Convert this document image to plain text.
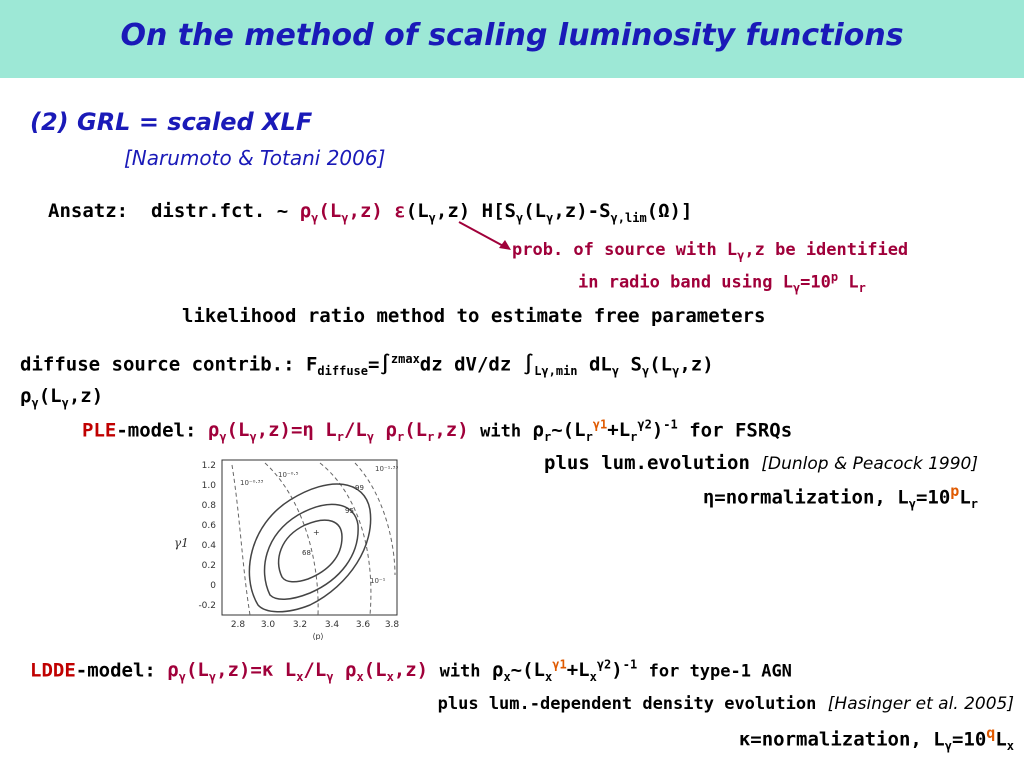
On the method of scaling luminosity functions
(2) GRL = scaled XLF
[Narumoto & Totani 2006]
Ansatz: distr.fct. ~ $\rho_\gamma(L_\gamma,z)$ $\varepsilon(L_\gamma,z)$ $H[S_\gamma(L_\gamma,z)-S_{\gamma,lim}(\Omega)]$
prob. of source with $L_\gamma,z$ be identified
in radio band using $L_\gamma=10^p$ $L_r$
likelihood ratio method to estimate free parameters
diffuse source contrib.: $F_{diffuse}=\int^{zmax}dz$ dV/dz $\int_{L\gamma,min}$ $dL_\gamma$ $S_\gamma(L_\gamma,z)$
$\rho_\gamma(L_\gamma,z)$
PLE-model: $\rho_\gamma(L_\gamma,z)=\eta$ $L_r/L_\gamma$ $\rho_r(L_r,z)$ with $\rho_r\sim(L_r^{\gamma 1}+L_r^{\gamma 2})^{-1}$ for FSRQs
plus lum.evolution [Dunlop & Peacock 1990]
η=normalization, $L_\gamma=10^pL_r$
γ1
1.2
1.0
0.8
0.6
0.4
0.2
0
-0.2
2.8 3.0 3.2 3.4 3.6 3.8
⟨p⟩
10⁻⁰·³³
10⁻⁰·⁵
10⁻¹
10⁻¹·³³
+
99
95
68
LDDE-model: $\rho_\gamma(L_\gamma,z)=\kappa$ $L_x/L_\gamma$ $\rho_x(L_x,z)$ with $\rho_x\sim(L_x^{\gamma 1}+L_x^{\gamma 2})^{-1}$ for type-1 AGN
plus lum.-dependent density evolution [Hasinger et al. 2005]
κ=normalization, $L_\gamma=10^qL_x$
